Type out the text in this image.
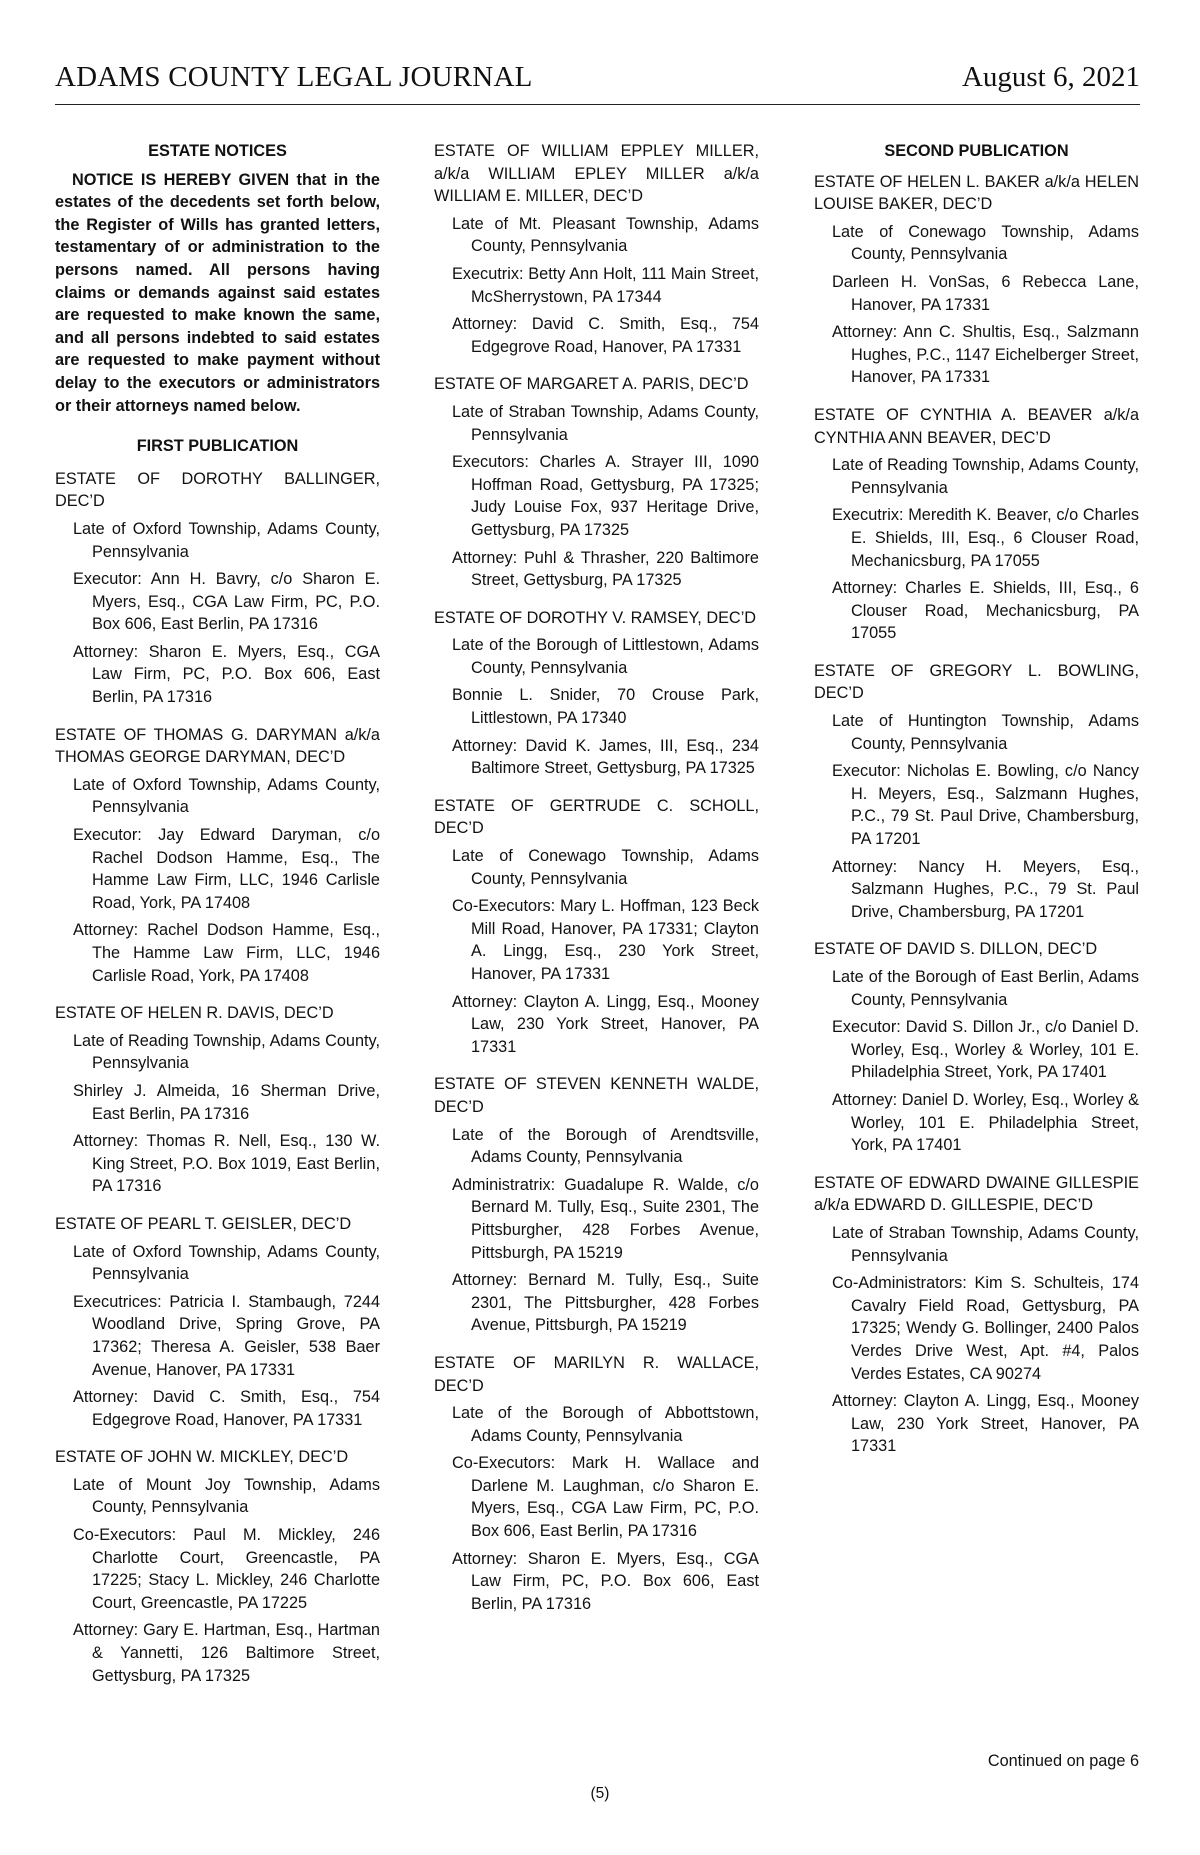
ADAMS COUNTY LEGAL JOURNAL	August 6, 2021
ESTATE NOTICES
NOTICE IS HEREBY GIVEN that in the estates of the decedents set forth below, the Register of Wills has granted letters, testamentary of or administration to the persons named. All persons having claims or demands against said estates are requested to make known the same, and all persons indebted to said estates are requested to make payment without delay to the executors or administrators or their attorneys named below.
FIRST PUBLICATION
ESTATE OF DOROTHY BALLINGER, DEC’D
Late of Oxford Township, Adams County, Pennsylvania
Executor: Ann H. Bavry, c/o Sharon E. Myers, Esq., CGA Law Firm, PC, P.O. Box 606, East Berlin, PA 17316
Attorney: Sharon E. Myers, Esq., CGA Law Firm, PC, P.O. Box 606, East Berlin, PA 17316
ESTATE OF THOMAS G. DARYMAN a/k/a THOMAS GEORGE DARYMAN, DEC’D
Late of Oxford Township, Adams County, Pennsylvania
Executor: Jay Edward Daryman, c/o Rachel Dodson Hamme, Esq., The Hamme Law Firm, LLC, 1946 Carlisle Road, York, PA 17408
Attorney: Rachel Dodson Hamme, Esq., The Hamme Law Firm, LLC, 1946 Carlisle Road, York, PA 17408
ESTATE OF HELEN R. DAVIS, DEC’D
Late of Reading Township, Adams County, Pennsylvania
Shirley J. Almeida, 16 Sherman Drive, East Berlin, PA 17316
Attorney: Thomas R. Nell, Esq., 130 W. King Street, P.O. Box 1019, East Berlin, PA 17316
ESTATE OF PEARL T. GEISLER, DEC’D
Late of Oxford Township, Adams County, Pennsylvania
Executrices: Patricia I. Stambaugh, 7244 Woodland Drive, Spring Grove, PA 17362; Theresa A. Geisler, 538 Baer Avenue, Hanover, PA 17331
Attorney: David C. Smith, Esq., 754 Edgegrove Road, Hanover, PA 17331
ESTATE OF JOHN W. MICKLEY, DEC’D
Late of Mount Joy Township, Adams County, Pennsylvania
Co-Executors: Paul M. Mickley, 246 Charlotte Court, Greencastle, PA 17225; Stacy L. Mickley, 246 Charlotte Court, Greencastle, PA 17225
Attorney: Gary E. Hartman, Esq., Hartman & Yannetti, 126 Baltimore Street, Gettysburg, PA 17325
ESTATE OF WILLIAM EPPLEY MILLER, a/k/a WILLIAM EPLEY MILLER a/k/a WILLIAM E. MILLER, DEC’D
Late of Mt. Pleasant Township, Adams County, Pennsylvania
Executrix: Betty Ann Holt, 111 Main Street, McSherrystown, PA 17344
Attorney: David C. Smith, Esq., 754 Edgegrove Road, Hanover, PA 17331
ESTATE OF MARGARET A. PARIS, DEC’D
Late of Straban Township, Adams County, Pennsylvania
Executors: Charles A. Strayer III, 1090 Hoffman Road, Gettysburg, PA 17325; Judy Louise Fox, 937 Heritage Drive, Gettysburg, PA 17325
Attorney: Puhl & Thrasher, 220 Baltimore Street, Gettysburg, PA 17325
ESTATE OF DOROTHY V. RAMSEY, DEC’D
Late of the Borough of Littlestown, Adams County, Pennsylvania
Bonnie L. Snider, 70 Crouse Park, Littlestown, PA 17340
Attorney: David K. James, III, Esq., 234 Baltimore Street, Gettysburg, PA 17325
ESTATE OF GERTRUDE C. SCHOLL, DEC’D
Late of Conewago Township, Adams County, Pennsylvania
Co-Executors: Mary L. Hoffman, 123 Beck Mill Road, Hanover, PA 17331; Clayton A. Lingg, Esq., 230 York Street, Hanover, PA 17331
Attorney: Clayton A. Lingg, Esq., Mooney Law, 230 York Street, Hanover, PA 17331
ESTATE OF STEVEN KENNETH WALDE, DEC’D
Late of the Borough of Arendtsville, Adams County, Pennsylvania
Administratrix: Guadalupe R. Walde, c/o Bernard M. Tully, Esq., Suite 2301, The Pittsburgher, 428 Forbes Avenue, Pittsburgh, PA 15219
Attorney: Bernard M. Tully, Esq., Suite 2301, The Pittsburgher, 428 Forbes Avenue, Pittsburgh, PA 15219
ESTATE OF MARILYN R. WALLACE, DEC’D
Late of the Borough of Abbottstown, Adams County, Pennsylvania
Co-Executors: Mark H. Wallace and Darlene M. Laughman, c/o Sharon E. Myers, Esq., CGA Law Firm, PC, P.O. Box 606, East Berlin, PA 17316
Attorney: Sharon E. Myers, Esq., CGA Law Firm, PC, P.O. Box 606, East Berlin, PA 17316
SECOND PUBLICATION
ESTATE OF HELEN L. BAKER a/k/a HELEN LOUISE BAKER, DEC’D
Late of Conewago Township, Adams County, Pennsylvania
Darleen H. VonSas, 6 Rebecca Lane, Hanover, PA 17331
Attorney: Ann C. Shultis, Esq., Salzmann Hughes, P.C., 1147 Eichelberger Street, Hanover, PA 17331
ESTATE OF CYNTHIA A. BEAVER a/k/a CYNTHIA ANN BEAVER, DEC’D
Late of Reading Township, Adams County, Pennsylvania
Executrix: Meredith K. Beaver, c/o Charles E. Shields, III, Esq., 6 Clouser Road, Mechanicsburg, PA 17055
Attorney: Charles E. Shields, III, Esq., 6 Clouser Road, Mechanicsburg, PA 17055
ESTATE OF GREGORY L. BOWLING, DEC’D
Late of Huntington Township, Adams County, Pennsylvania
Executor: Nicholas E. Bowling, c/o Nancy H. Meyers, Esq., Salzmann Hughes, P.C., 79 St. Paul Drive, Chambersburg, PA 17201
Attorney: Nancy H. Meyers, Esq., Salzmann Hughes, P.C., 79 St. Paul Drive, Chambersburg, PA 17201
ESTATE OF DAVID S. DILLON, DEC’D
Late of the Borough of East Berlin, Adams County, Pennsylvania
Executor: David S. Dillon Jr., c/o Daniel D. Worley, Esq., Worley & Worley, 101 E. Philadelphia Street, York, PA 17401
Attorney: Daniel D. Worley, Esq., Worley & Worley, 101 E. Philadelphia Street, York, PA 17401
ESTATE OF EDWARD DWAINE GILLESPIE a/k/a EDWARD D. GILLESPIE, DEC’D
Late of Straban Township, Adams County, Pennsylvania
Co-Administrators: Kim S. Schulteis, 174 Cavalry Field Road, Gettysburg, PA 17325; Wendy G. Bollinger, 2400 Palos Verdes Drive West, Apt. #4, Palos Verdes Estates, CA 90274
Attorney: Clayton A. Lingg, Esq., Mooney Law, 230 York Street, Hanover, PA 17331
Continued on page 6
(5)
